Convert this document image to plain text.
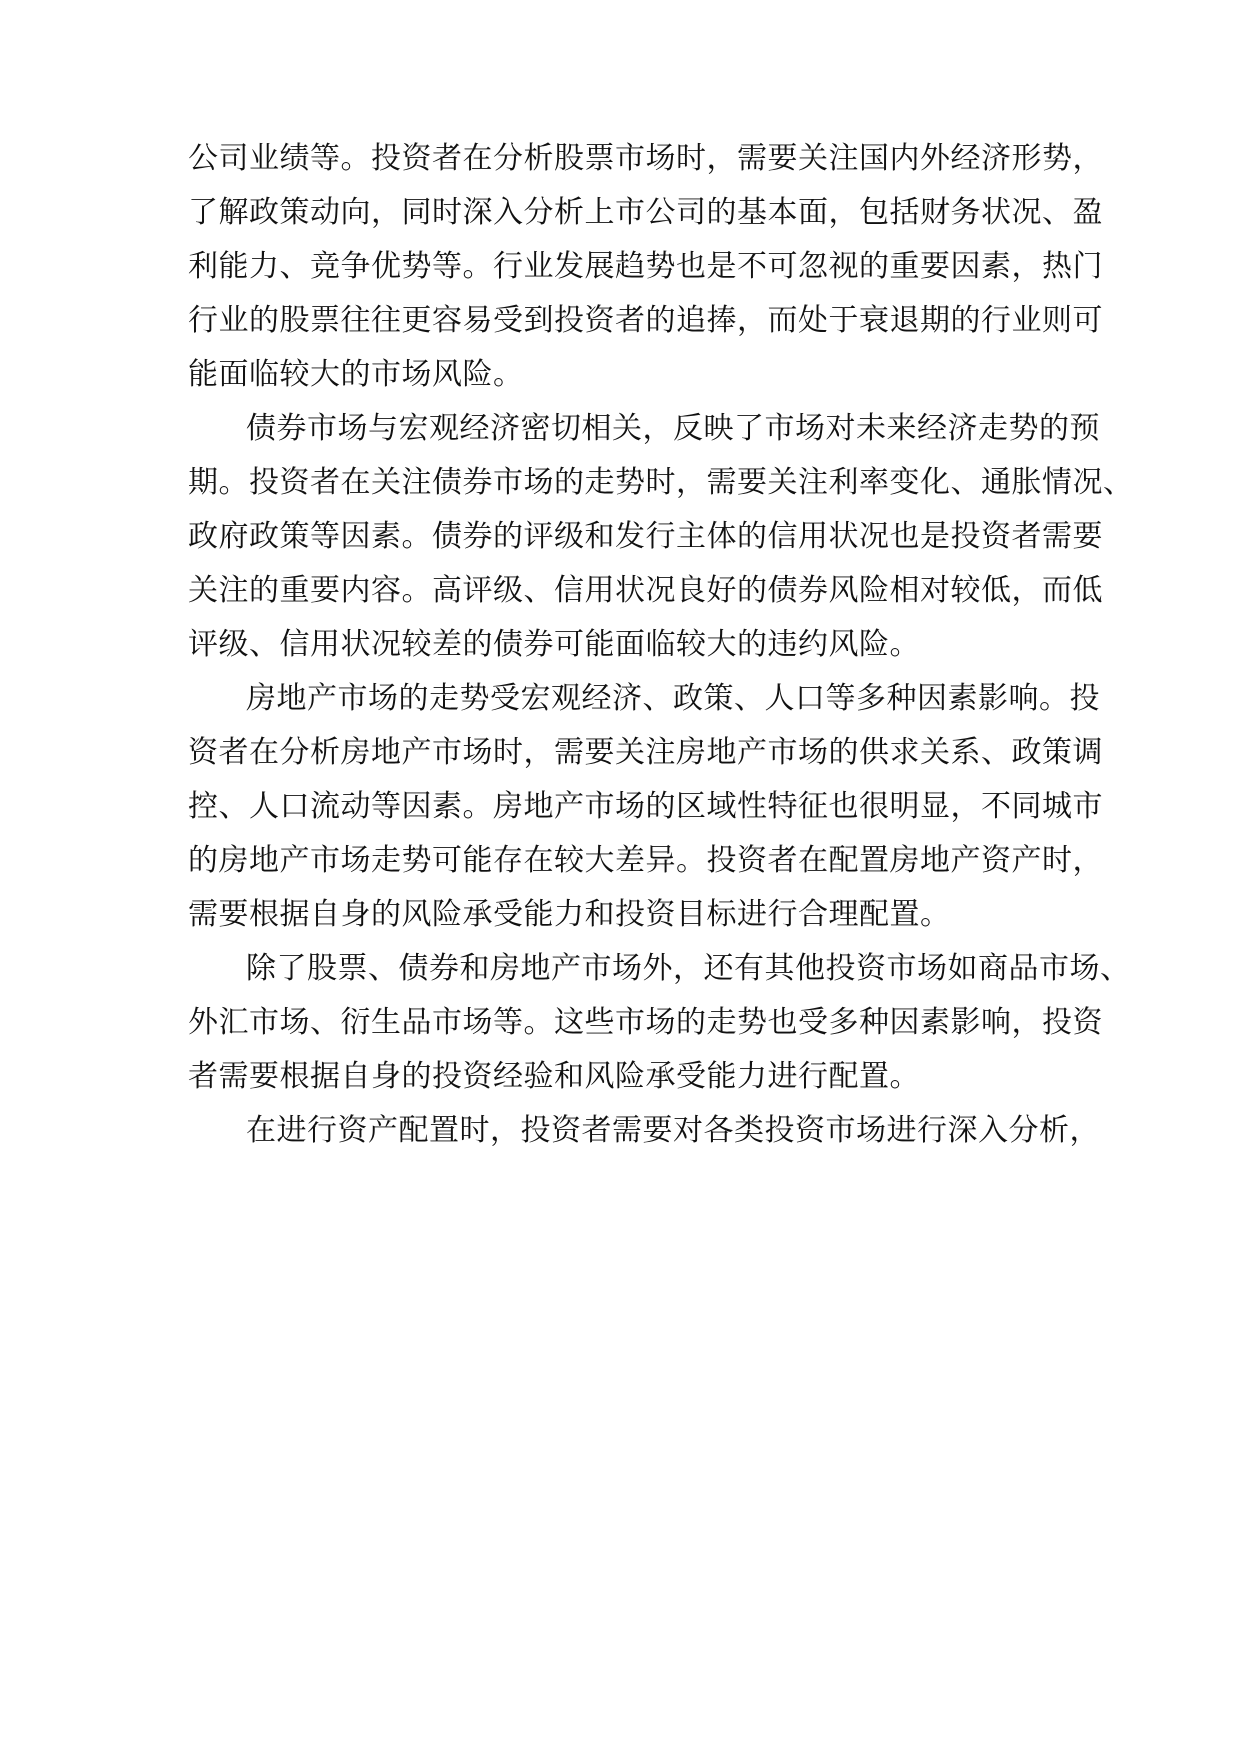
公司业绩等。投资者在分析股票市场时，需要关注国内外经济形势，
了解政策动向，同时深入分析上市公司的基本面，包括财务状况、盈
利能力、竞争优势等。行业发展趋势也是不可忽视的重要因素，热门
行业的股票往往更容易受到投资者的追捧，而处于衰退期的行业则可
能面临较大的市场风险。
债券市场与宏观经济密切相关，反映了市场对未来经济走势的预
期。投资者在关注债券市场的走势时，需要关注利率变化、通胀情况、
政府政策等因素。债券的评级和发行主体的信用状况也是投资者需要
关注的重要内容。高评级、信用状况良好的债券风险相对较低，而低
评级、信用状况较差的债券可能面临较大的违约风险。
房地产市场的走势受宏观经济、政策、人口等多种因素影响。投
资者在分析房地产市场时，需要关注房地产市场的供求关系、政策调
控、人口流动等因素。房地产市场的区域性特征也很明显，不同城市
的房地产市场走势可能存在较大差异。投资者在配置房地产资产时，
需要根据自身的风险承受能力和投资目标进行合理配置。
除了股票、债券和房地产市场外，还有其他投资市场如商品市场、
外汇市场、衍生品市场等。这些市场的走势也受多种因素影响，投资
者需要根据自身的投资经验和风险承受能力进行配置。
在进行资产配置时，投资者需要对各类投资市场进行深入分析，
